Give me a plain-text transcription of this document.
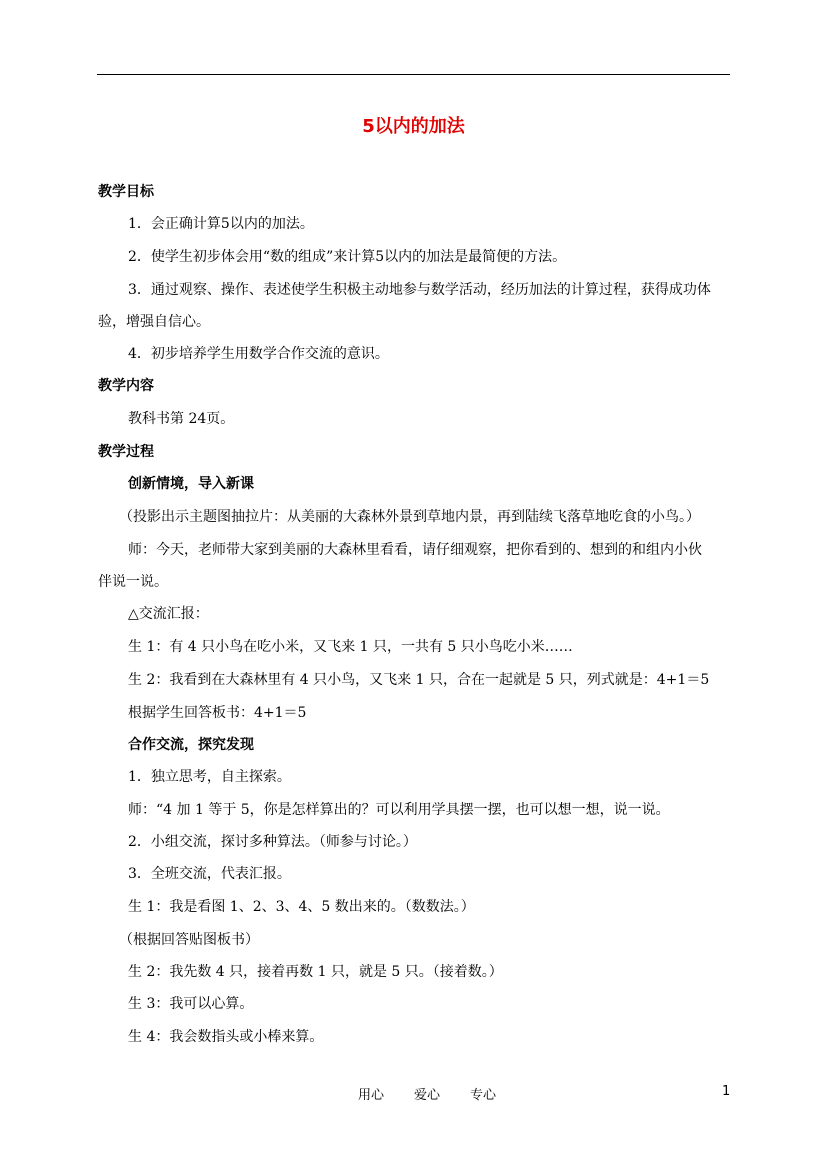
5以内的加法
教学目标
1．会正确计算5以内的加法。
2．使学生初步体会用“数的组成”来计算5以内的加法是最简便的方法。
3．通过观察、操作、表述使学生积极主动地参与数学活动，经历加法的计算过程，获得成功体
验，增强自信心。
4．初步培养学生用数学合作交流的意识。
教学内容
教科书第 24页。
教学过程
创新情境，导入新课
（投影出示主题图抽拉片：从美丽的大森林外景到草地内景，再到陆续飞落草地吃食的小鸟。）
师：今天，老师带大家到美丽的大森林里看看，请仔细观察，把你看到的、想到的和组内小伙
伴说一说。
△交流汇报：
生 1：有 4 只小鸟在吃小米，又飞来 1 只，一共有 5 只小鸟吃小米……
生 2：我看到在大森林里有 4 只小鸟，又飞来 1 只，合在一起就是 5 只，列式就是：4+1＝5
根据学生回答板书：4+1＝5
合作交流，探究发现
1．独立思考，自主探索。
师：“4 加 1 等于 5，你是怎样算出的？可以利用学具摆一摆，也可以想一想，说一说。
2．小组交流，探讨多种算法。（师参与讨论。）
3．全班交流，代表汇报。
生 1：我是看图 1、2、3、4、5 数出来的。（数数法。）
（根据回答贴图板书）
生 2：我先数 4 只，接着再数 1 只，就是 5 只。（接着数。）
生 3：我可以心算。
生 4：我会数指头或小棒来算。
用心 爱心 专心	1
